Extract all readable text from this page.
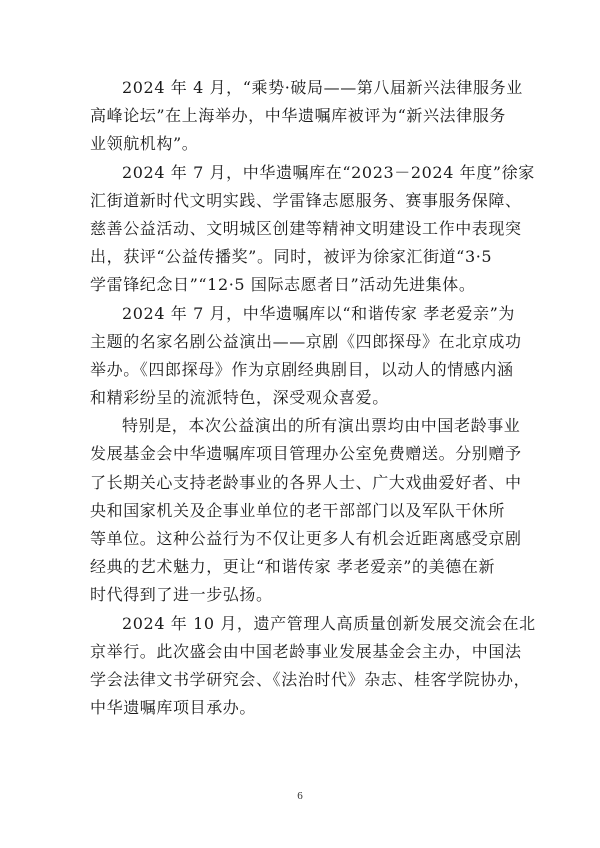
2024 年 4 月，“乘势·破局——第八届新兴法律服务业
高峰论坛”在上海举办，中华遗嘱库被评为“新兴法律服务
业领航机构”。
2024 年 7 月，中华遗嘱库在“2023－2024 年度”徐家
汇街道新时代文明实践、学雷锋志愿服务、赛事服务保障、
慈善公益活动、文明城区创建等精神文明建设工作中表现突
出，获评“公益传播奖”。同时，被评为徐家汇街道“3·5
学雷锋纪念日”“12·5 国际志愿者日”活动先进集体。
2024 年 7 月，中华遗嘱库以“和谐传家 孝老爱亲”为
主题的名家名剧公益演出——京剧《四郎探母》在北京成功
举办。《四郎探母》作为京剧经典剧目，以动人的情感内涵
和精彩纷呈的流派特色，深受观众喜爱。
特别是，本次公益演出的所有演出票均由中国老龄事业
发展基金会中华遗嘱库项目管理办公室免费赠送。分别赠予
了长期关心支持老龄事业的各界人士、广大戏曲爱好者、中
央和国家机关及企事业单位的老干部部门以及军队干休所
等单位。这种公益行为不仅让更多人有机会近距离感受京剧
经典的艺术魅力，更让“和谐传家 孝老爱亲”的美德在新
时代得到了进一步弘扬。
2024 年 10 月，遗产管理人高质量创新发展交流会在北
京举行。此次盛会由中国老龄事业发展基金会主办，中国法
学会法律文书学研究会、《法治时代》杂志、桂客学院协办，
中华遗嘱库项目承办。
6
